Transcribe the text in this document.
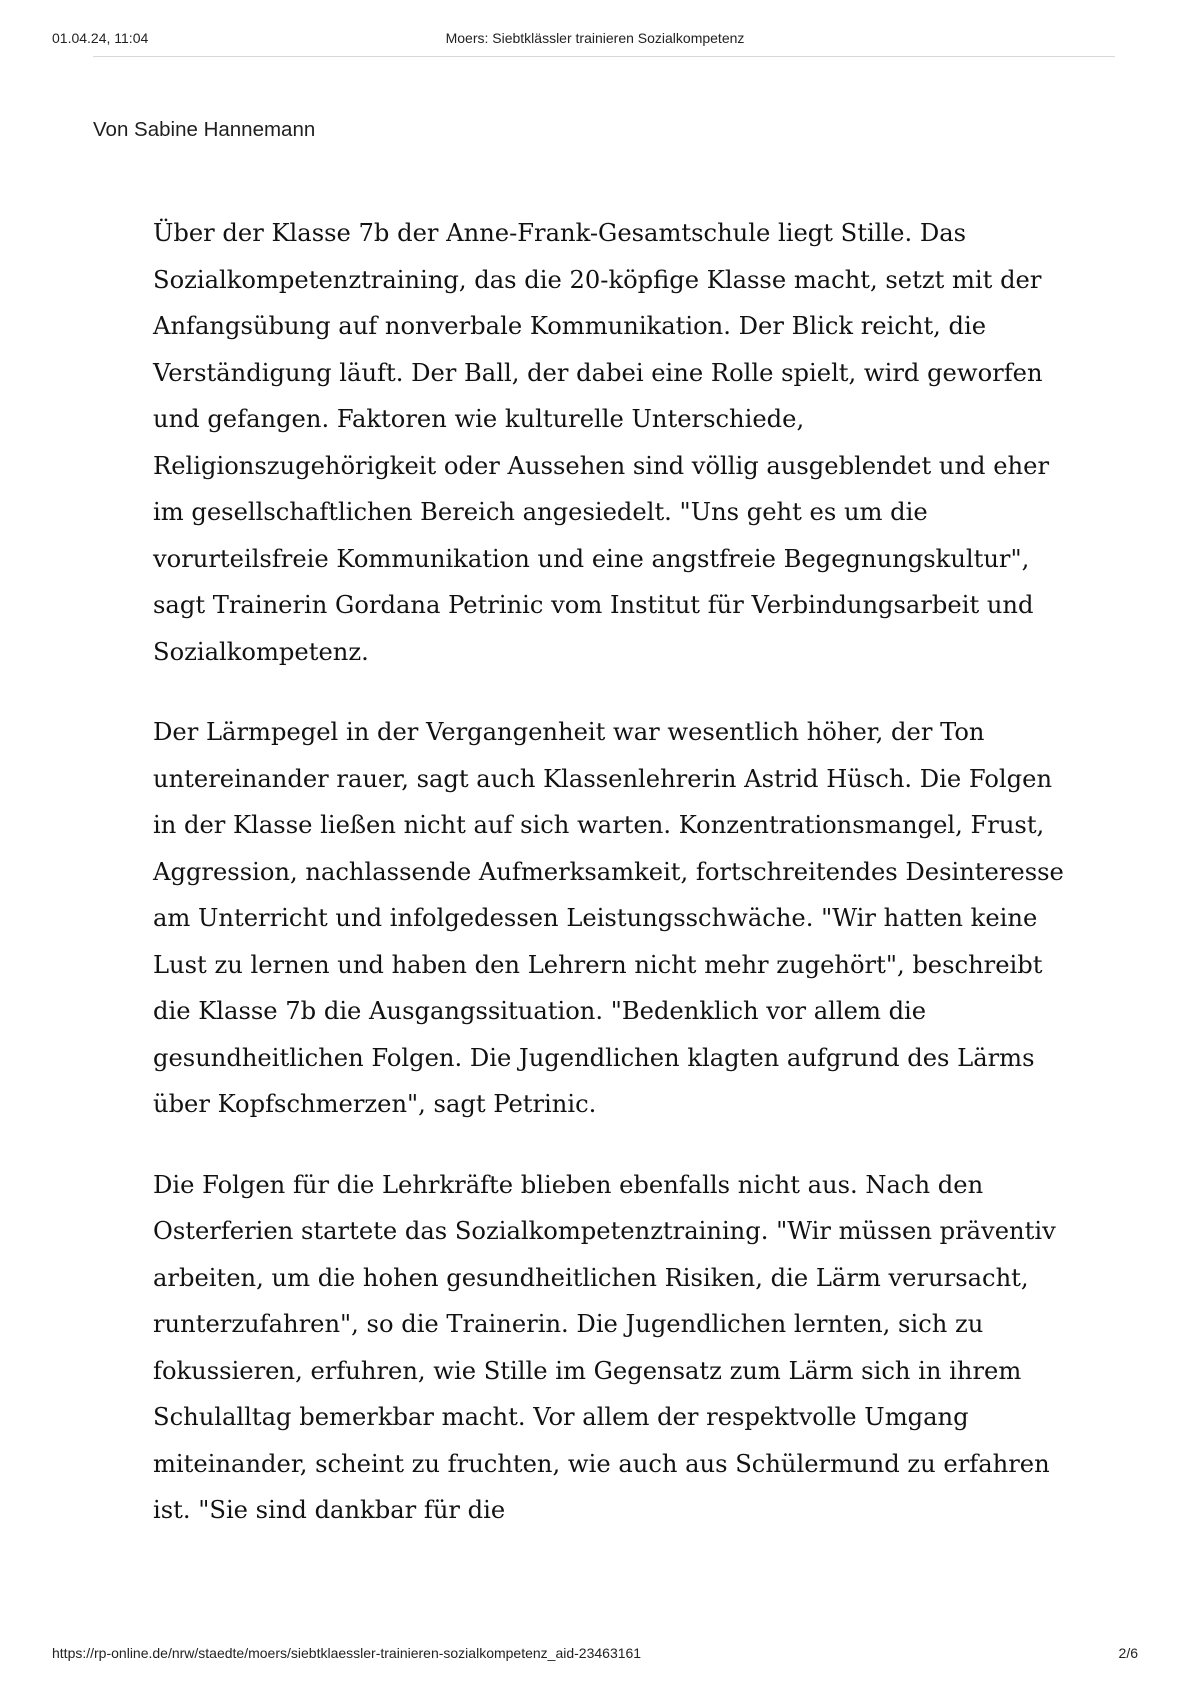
01.04.24, 11:04	Moers: Siebtklässler trainieren Sozialkompetenz
Von Sabine Hannemann

Über der Klasse 7b der Anne-Frank-Gesamtschule liegt Stille. Das Sozialkompetenztraining, das die 20-köpfige Klasse macht, setzt mit der Anfangsübung auf nonverbale Kommunikation. Der Blick reicht, die Verständigung läuft. Der Ball, der dabei eine Rolle spielt, wird geworfen und gefangen. Faktoren wie kulturelle Unterschiede, Religionszugehörigkeit oder Aussehen sind völlig ausgeblendet und eher im gesellschaftlichen Bereich angesiedelt. "Uns geht es um die vorurteilsfreie Kommunikation und eine angstfreie Begegnungskultur", sagt Trainerin Gordana Petrinic vom Institut für Verbindungsarbeit und Sozialkompetenz.

Der Lärmpegel in der Vergangenheit war wesentlich höher, der Ton untereinander rauer, sagt auch Klassenlehrerin Astrid Hüsch. Die Folgen in der Klasse ließen nicht auf sich warten. Konzentrationsmangel, Frust, Aggression, nachlassende Aufmerksamkeit, fortschreitendes Desinteresse am Unterricht und infolgedessen Leistungsschwäche. "Wir hatten keine Lust zu lernen und haben den Lehrern nicht mehr zugehört", beschreibt die Klasse 7b die Ausgangssituation. "Bedenklich vor allem die gesundheitlichen Folgen. Die Jugendlichen klagten aufgrund des Lärms über Kopfschmerzen", sagt Petrinic.

Die Folgen für die Lehrkräfte blieben ebenfalls nicht aus. Nach den Osterferien startete das Sozialkompetenztraining. "Wir müssen präventiv arbeiten, um die hohen gesundheitlichen Risiken, die Lärm verursacht, runterzufahren", so die Trainerin. Die Jugendlichen lernten, sich zu fokussieren, erfuhren, wie Stille im Gegensatz zum Lärm sich in ihrem Schulalltag bemerkbar macht. Vor allem der respektvolle Umgang miteinander, scheint zu fruchten, wie auch aus Schülermund zu erfahren ist. "Sie sind dankbar für die

https://rp-online.de/nrw/staedte/moers/siebtklaessler-trainieren-sozialkompetenz_aid-23463161	2/6
